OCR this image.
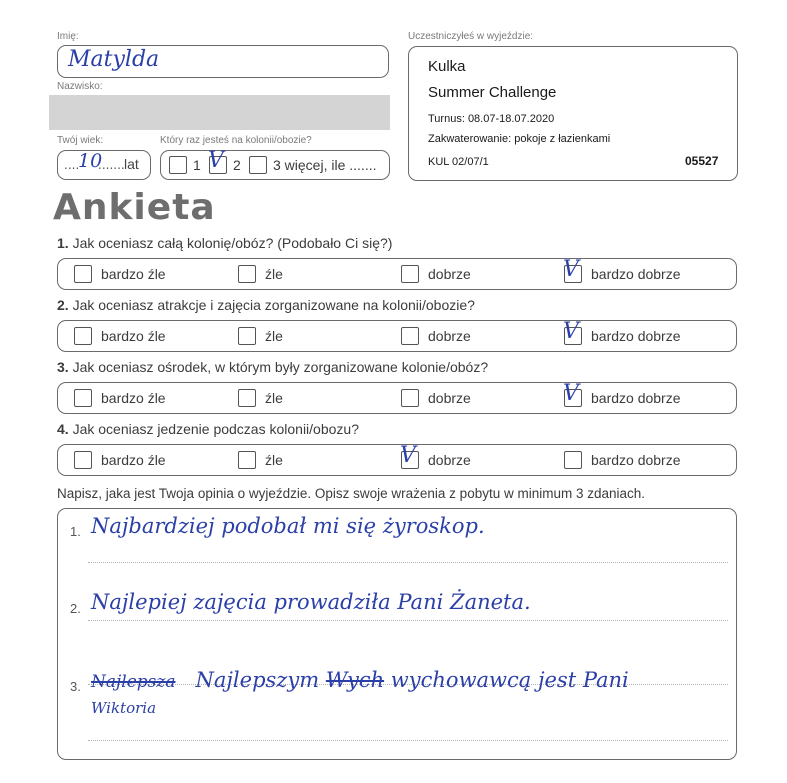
Imię:
Matylda
Nazwisko:
Twój wiek:
....
10
....... lat
Który raz jesteś na kolonii/obozie?
1 V 2 3 więcej, ile .......
Uczestniczyłeś w wyjeździe:
Kulka
Summer Challenge
Turnus: 08.07-18.07.2020
Zakwaterowanie: pokoje z łazienkami
KUL 02/07/1	05527
Ankieta
1. Jak oceniasz całą kolonię/obóz? (Podobało Ci się?)
bardzo źle	źle	dobrze	V bardzo dobrze
2. Jak oceniasz atrakcje i zajęcia zorganizowane na kolonii/obozie?
bardzo źle	źle	dobrze	V bardzo dobrze
3. Jak oceniasz ośrodek, w którym były zorganizowane kolonie/obóz?
bardzo źle	źle	dobrze	V bardzo dobrze
4. Jak oceniasz jedzenie podczas kolonii/obozu?
bardzo źle	źle	V dobrze	bardzo dobrze
Napisz, jaka jest Twoja opinia o wyjeździe. Opisz swoje wrażenia z pobytu w minimum 3 zdaniach.
1. Najbardziej podobał mi się żyroskop.
2. Najlepiej zajęcia prowadziła Pani Żaneta.
3. Najlepsza Najlepszym Wych wychowawcą jest Pani
Wiktoria
